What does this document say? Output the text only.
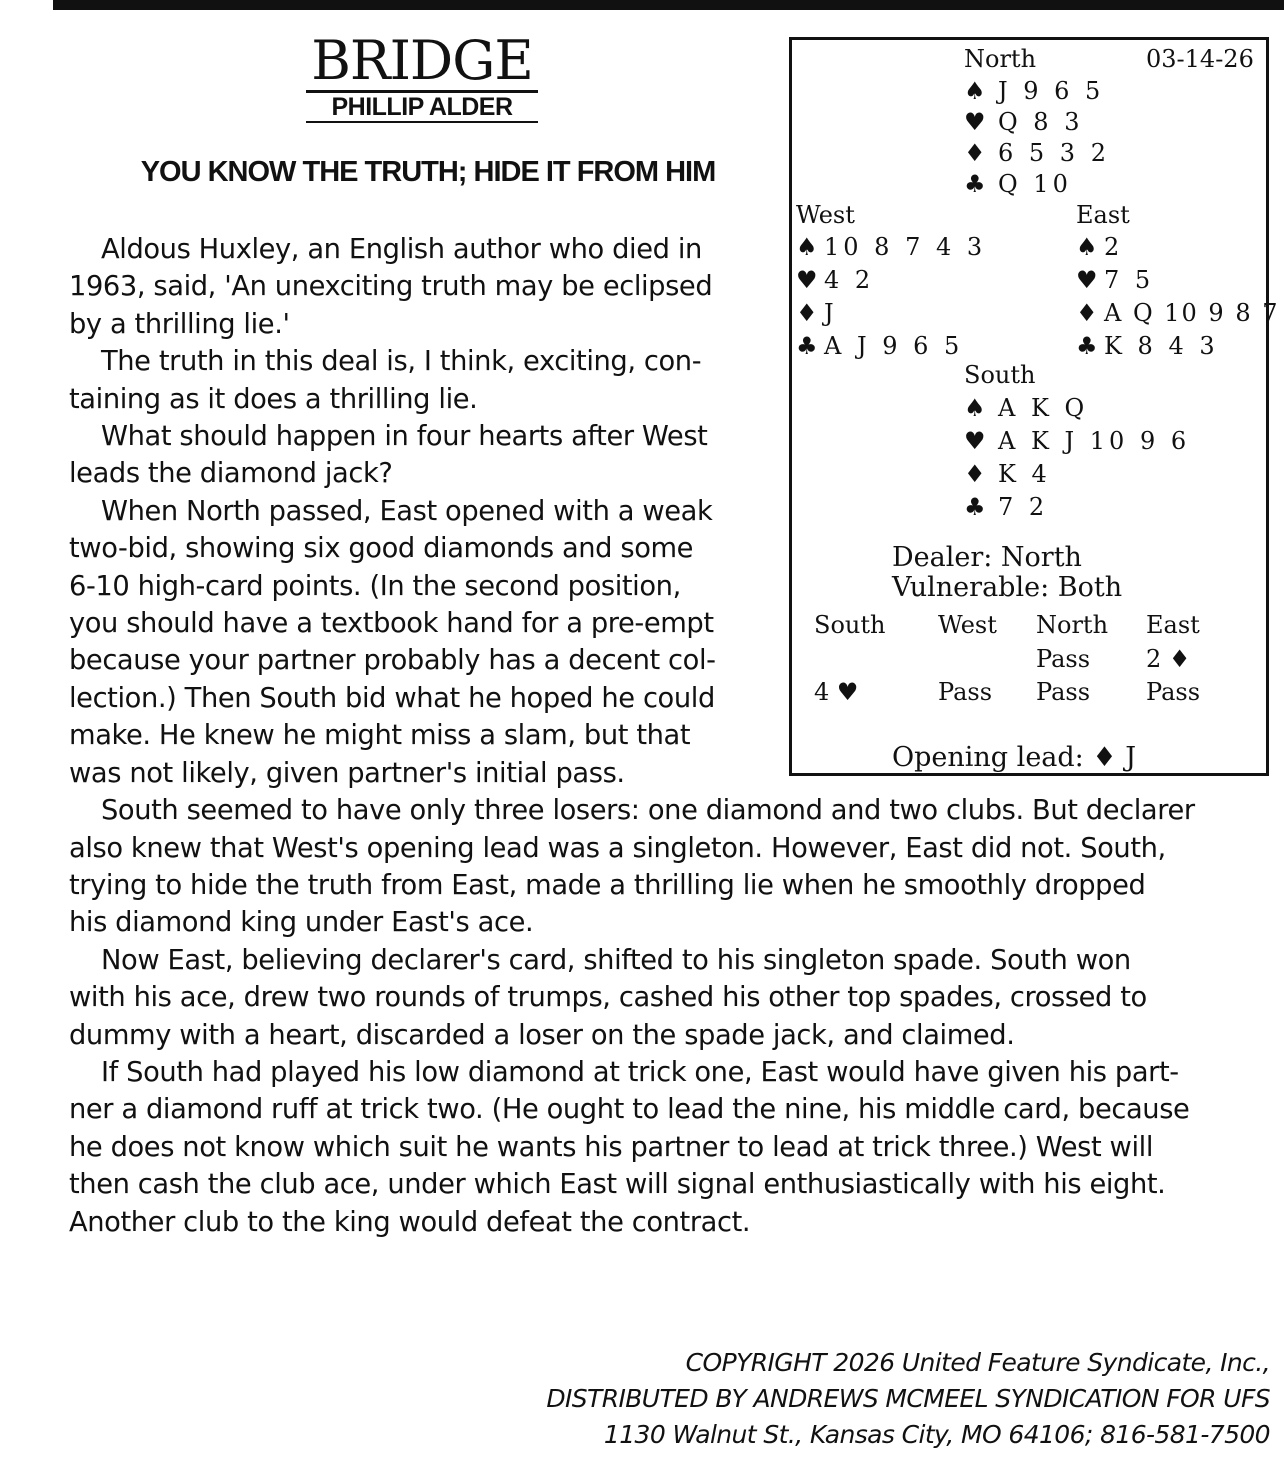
BRIDGE
PHILLIP ALDER
YOU KNOW THE TRUTH; HIDE IT FROM HIM
Aldous Huxley, an English author who died in
1963, said, 'An unexciting truth may be eclipsed
by a thrilling lie.'
The truth in this deal is, I think, exciting, con-
taining as it does a thrilling lie.
What should happen in four hearts after West
leads the diamond jack?
When North passed, East opened with a weak
two-bid, showing six good diamonds and some
6-10 high-card points. (In the second position,
you should have a textbook hand for a pre-empt
because your partner probably has a decent col-
lection.) Then South bid what he hoped he could
make. He knew he might miss a slam, but that
was not likely, given partner's initial pass.
South seemed to have only three losers: one diamond and two clubs. But declarer
also knew that West's opening lead was a singleton. However, East did not. South,
trying to hide the truth from East, made a thrilling lie when he smoothly dropped
his diamond king under East's ace.
Now East, believing declarer's card, shifted to his singleton spade. South won
with his ace, drew two rounds of trumps, cashed his other top spades, crossed to
dummy with a heart, discarded a loser on the spade jack, and claimed.
If South had played his low diamond at trick one, East would have given his part-
ner a diamond ruff at trick two. (He ought to lead the nine, his middle card, because
he does not know which suit he wants his partner to lead at trick three.) West will
then cash the club ace, under which East will signal enthusiastically with his eight.
Another club to the king would defeat the contract.
North	03-14-26
♠ J 9 6 5
♥ Q 8 3
♦ 6 5 3 2
♣ Q 10
West
♠ 10 8 7 4 3
♥ 4 2
♦ J
♣ A J 9 6 5
East
♠ 2
♥ 7 5
♦ A Q 10 9 8 7
♣ K 8 4 3
South
♠ A K Q
♥ A K J 10 9 6
♦ K 4
♣ 7 2
Dealer: North
Vulnerable: Both
South West North East
Pass 2 ♦
4 ♥	Pass Pass Pass
Opening lead: ♦ J
COPYRIGHT 2026 United Feature Syndicate, Inc.,
DISTRIBUTED BY ANDREWS MCMEEL SYNDICATION FOR UFS
1130 Walnut St., Kansas City, MO 64106; 816-581-7500
